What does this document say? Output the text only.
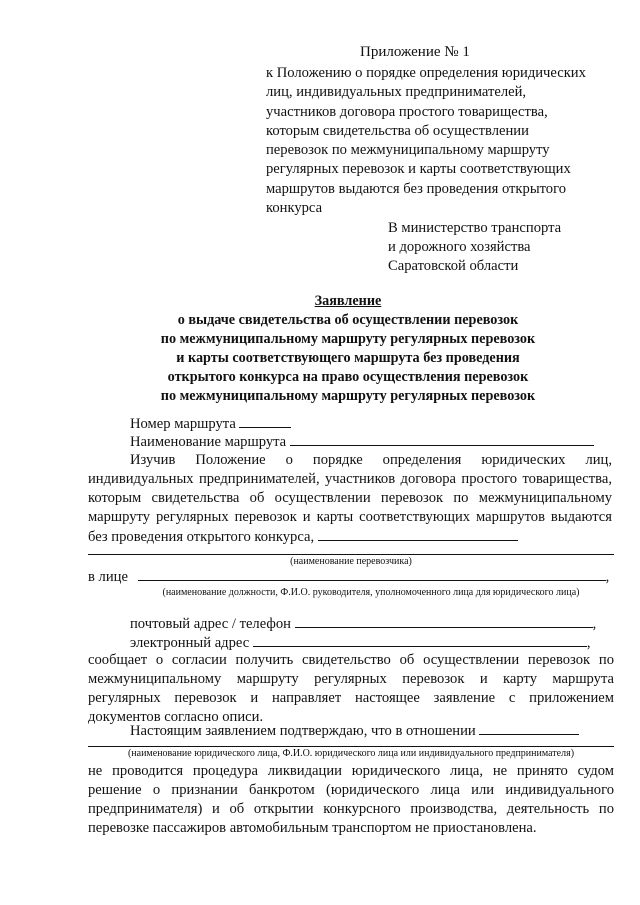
Приложение № 1
к Положению о порядке определения юридических
лиц, индивидуальных предпринимателей,
участников договора простого товарищества,
которым свидетельства об осуществлении
перевозок по межмуниципальному маршруту
регулярных перевозок и карты соответствующих
маршрутов выдаются без проведения открытого
конкурса
В министерство транспорта
и дорожного хозяйства
Саратовской области
Заявление
о выдаче свидетельства об осуществлении перевозок
по межмуниципальному маршруту регулярных перевозок
и карты соответствующего маршрута без проведения
открытого конкурса на право осуществления перевозок
по межмуниципальному маршруту регулярных перевозок
Номер маршрута
Наименование маршрута
Изучив Положение о порядке определения юридических лиц, индивидуальных предпринимателей, участников договора простого товарищества, которым свидетельства об осуществлении перевозок по межмуниципальному маршруту регулярных перевозок и карты соответствующих маршрутов выдаются без проведения открытого конкурса,
(наименование перевозчика)
в лице	,
(наименование должности, Ф.И.О. руководителя, уполномоченного лица для юридического лица)
почтовый адрес / телефон	,
электронный адрес	,
сообщает о согласии получить свидетельство об осуществлении перевозок по межмуниципальному маршруту регулярных перевозок и карту маршрута регулярных перевозок и направляет настоящее заявление с приложением документов согласно описи.
Настоящим заявлением подтверждаю, что в отношении
(наименование юридического лица, Ф.И.О. юридического лица или индивидуального предпринимателя)
не проводится процедура ликвидации юридического лица, не принято судом решение о признании банкротом (юридического лица или индивидуального предпринимателя) и об открытии конкурсного производства, деятельность по перевозке пассажиров автомобильным транспортом не приостановлена.
